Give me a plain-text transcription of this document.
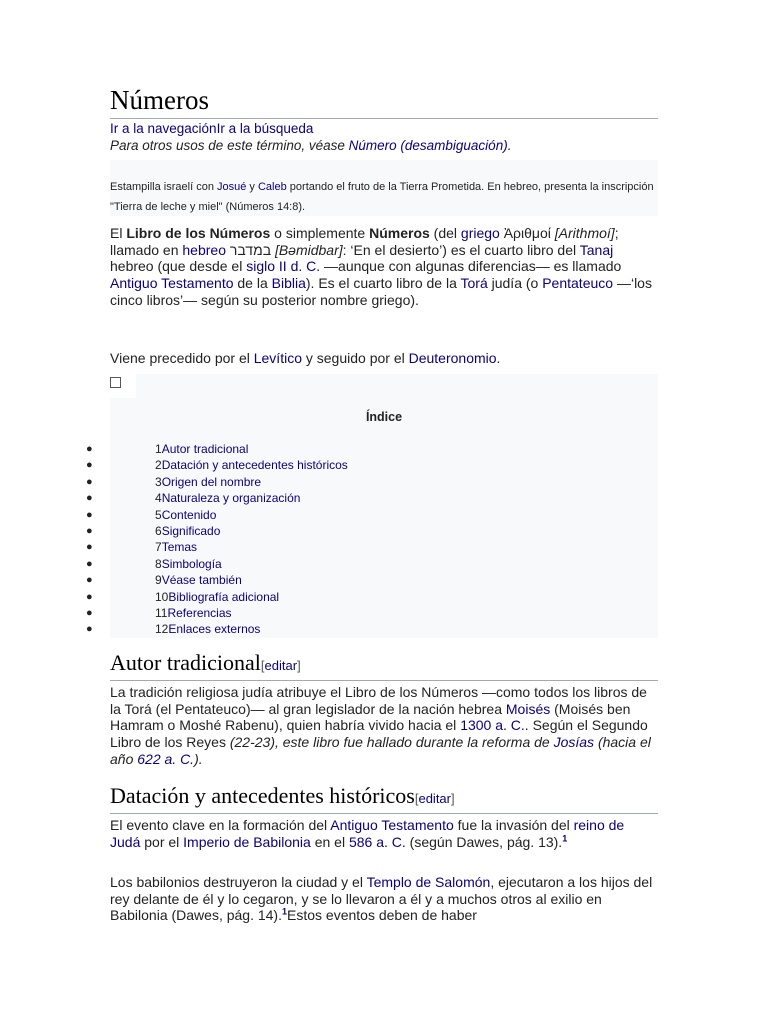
Números
Ir a la navegaciónIr a la búsqueda
Para otros usos de este término, véase Número (desambiguación).
Estampilla israelí con Josué y Caleb portando el fruto de la Tierra Prometida. En hebreo, presenta la inscripción "Tierra de leche y miel" (Números 14:8).
El Libro de los Números o simplemente Números (del griego Ἀριθμοί [Arithmoí]; llamado en hebreo במדבר [Bəmidbar]: ‘En el desierto’) es el cuarto libro del Tanaj hebreo (que desde el siglo II d. C. —aunque con algunas diferencias— es llamado Antiguo Testamento de la Biblia). Es el cuarto libro de la Torá judía (o Pentateuco —‘los cinco libros’— según su posterior nombre griego).
Viene precedido por el Levítico y seguido por el Deuteronomio.
Índice
●	1Autor tradicional
●	2Datación y antecedentes históricos
●	3Origen del nombre
●	4Naturaleza y organización
●	5Contenido
●	6Significado
●	7Temas
●	8Simbología
●	9Véase también
●	10Bibliografía adicional
●	11Referencias
●	12Enlaces externos
Autor tradicional[editar]
La tradición religiosa judía atribuye el Libro de los Números —como todos los libros de la Torá (el Pentateuco)— al gran legislador de la nación hebrea Moisés (Moisés ben Hamram o Moshé Rabenu), quien habría vivido hacia el 1300 a. C.. Según el Segundo Libro de los Reyes (22-23), este libro fue hallado durante la reforma de Josías (hacia el año 622 a. C.).
Datación y antecedentes históricos[editar]
El evento clave en la formación del Antiguo Testamento fue la invasión del reino de Judá por el Imperio de Babilonia en el 586 a. C. (según Dawes, pág. 13).$^1$
Los babilonios destruyeron la ciudad y el Templo de Salomón, ejecutaron a los hijos del rey delante de él y lo cegaron, y se lo llevaron a él y a muchos otros al exilio en Babilonia (Dawes, pág. 14).$^1$Estos eventos deben de haber
